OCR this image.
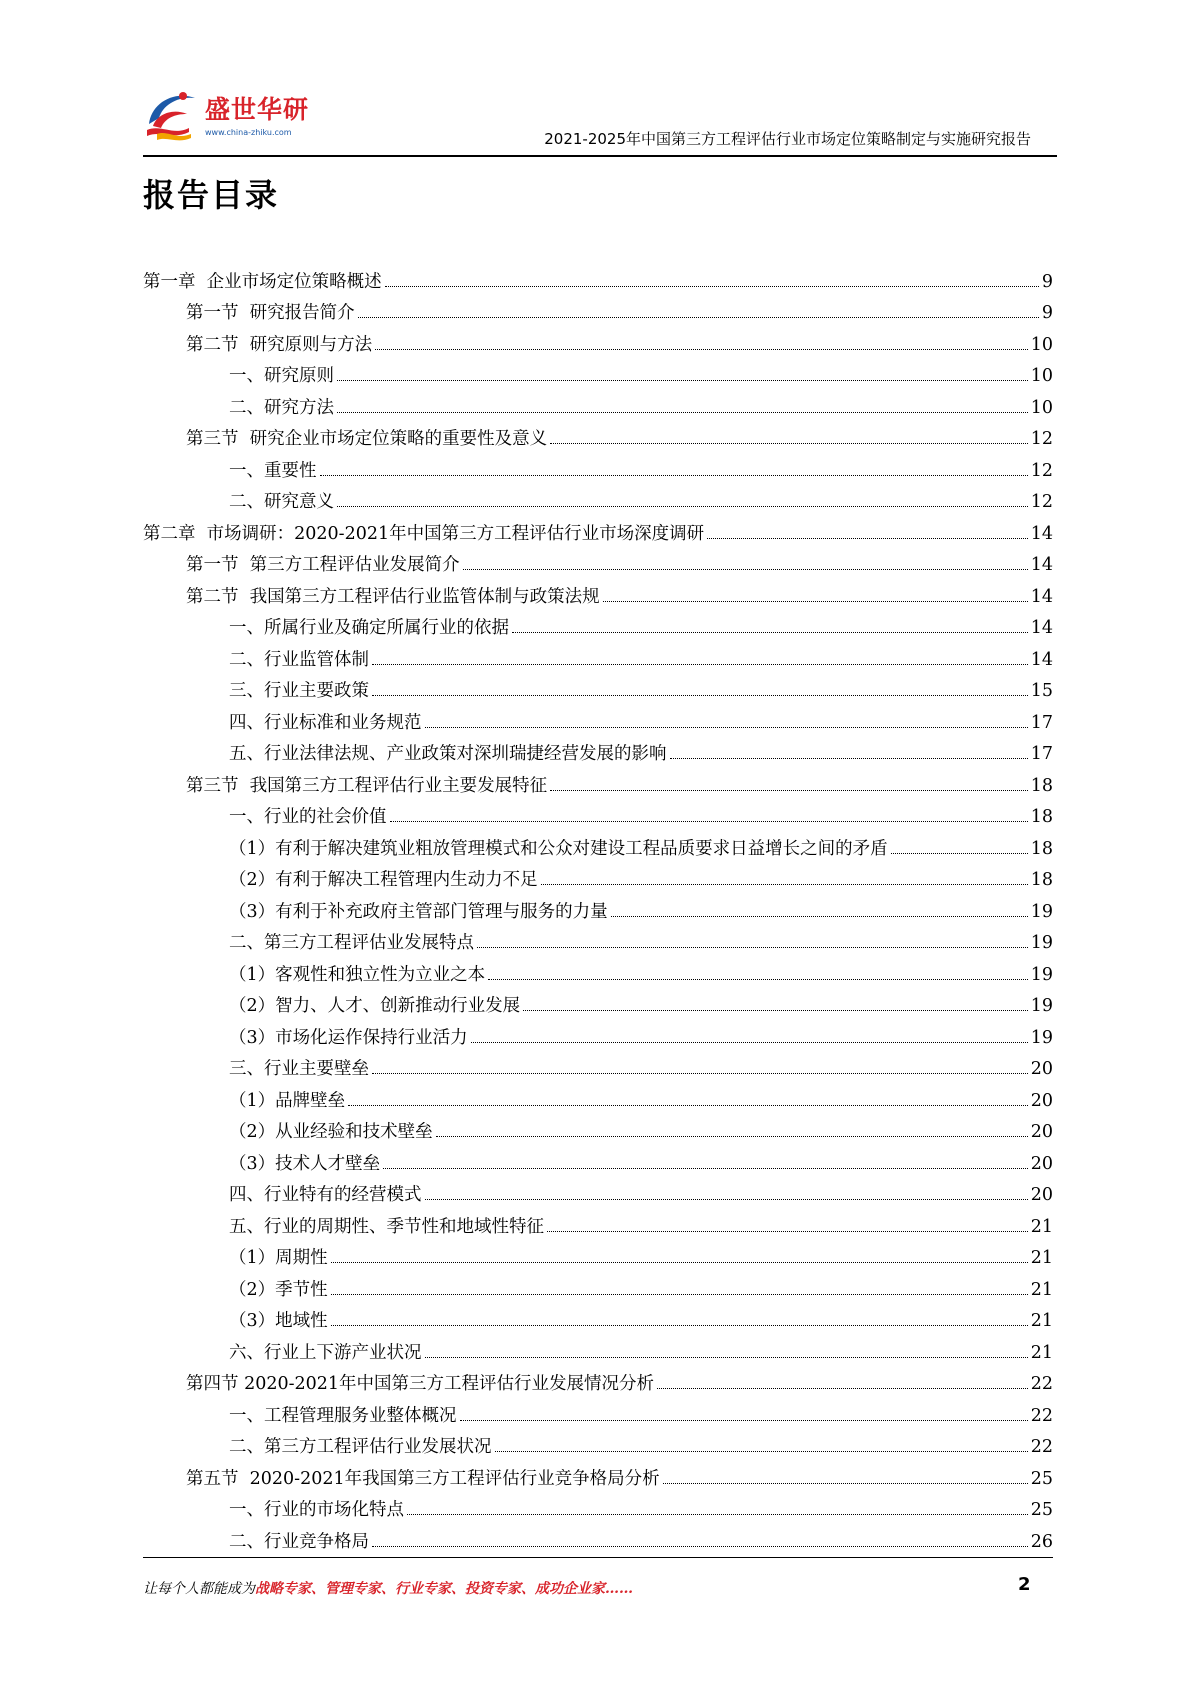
盛世华研
www.china-zhiku.com	2021-2025年中国第三方工程评估行业市场定位策略制定与实施研究报告
报告目录
第一章  企业市场定位策略概述	9
第一节  研究报告简介	9
第二节  研究原则与方法	10
一、研究原则	10
二、研究方法	10
第三节  研究企业市场定位策略的重要性及意义	12
一、重要性	12
二、研究意义	12
第二章  市场调研：2020-2021年中国第三方工程评估行业市场深度调研	14
第一节  第三方工程评估业发展简介	14
第二节  我国第三方工程评估行业监管体制与政策法规	14
一、所属行业及确定所属行业的依据	14
二、行业监管体制	14
三、行业主要政策	15
四、行业标准和业务规范	17
五、行业法律法规、产业政策对深圳瑞捷经营发展的影响	17
第三节  我国第三方工程评估行业主要发展特征	18
一、行业的社会价值	18
（1）有利于解决建筑业粗放管理模式和公众对建设工程品质要求日益增长之间的矛盾	18
（2）有利于解决工程管理内生动力不足	18
（3）有利于补充政府主管部门管理与服务的力量	19
二、第三方工程评估业发展特点	19
（1）客观性和独立性为立业之本	19
（2）智力、人才、创新推动行业发展	19
（3）市场化运作保持行业活力	19
三、行业主要壁垒	20
（1）品牌壁垒	20
（2）从业经验和技术壁垒	20
（3）技术人才壁垒	20
四、行业特有的经营模式	20
五、行业的周期性、季节性和地域性特征	21
（1）周期性	21
（2）季节性	21
（3）地域性	21
六、行业上下游产业状况	21
第四节 2020-2021年中国第三方工程评估行业发展情况分析	22
一、工程管理服务业整体概况	22
二、第三方工程评估行业发展状况	22
第五节  2020-2021年我国第三方工程评估行业竞争格局分析	25
一、行业的市场化特点	25
二、行业竞争格局	26
让每个人都能成为战略专家、管理专家、行业专家、投资专家、成功企业家……	2
